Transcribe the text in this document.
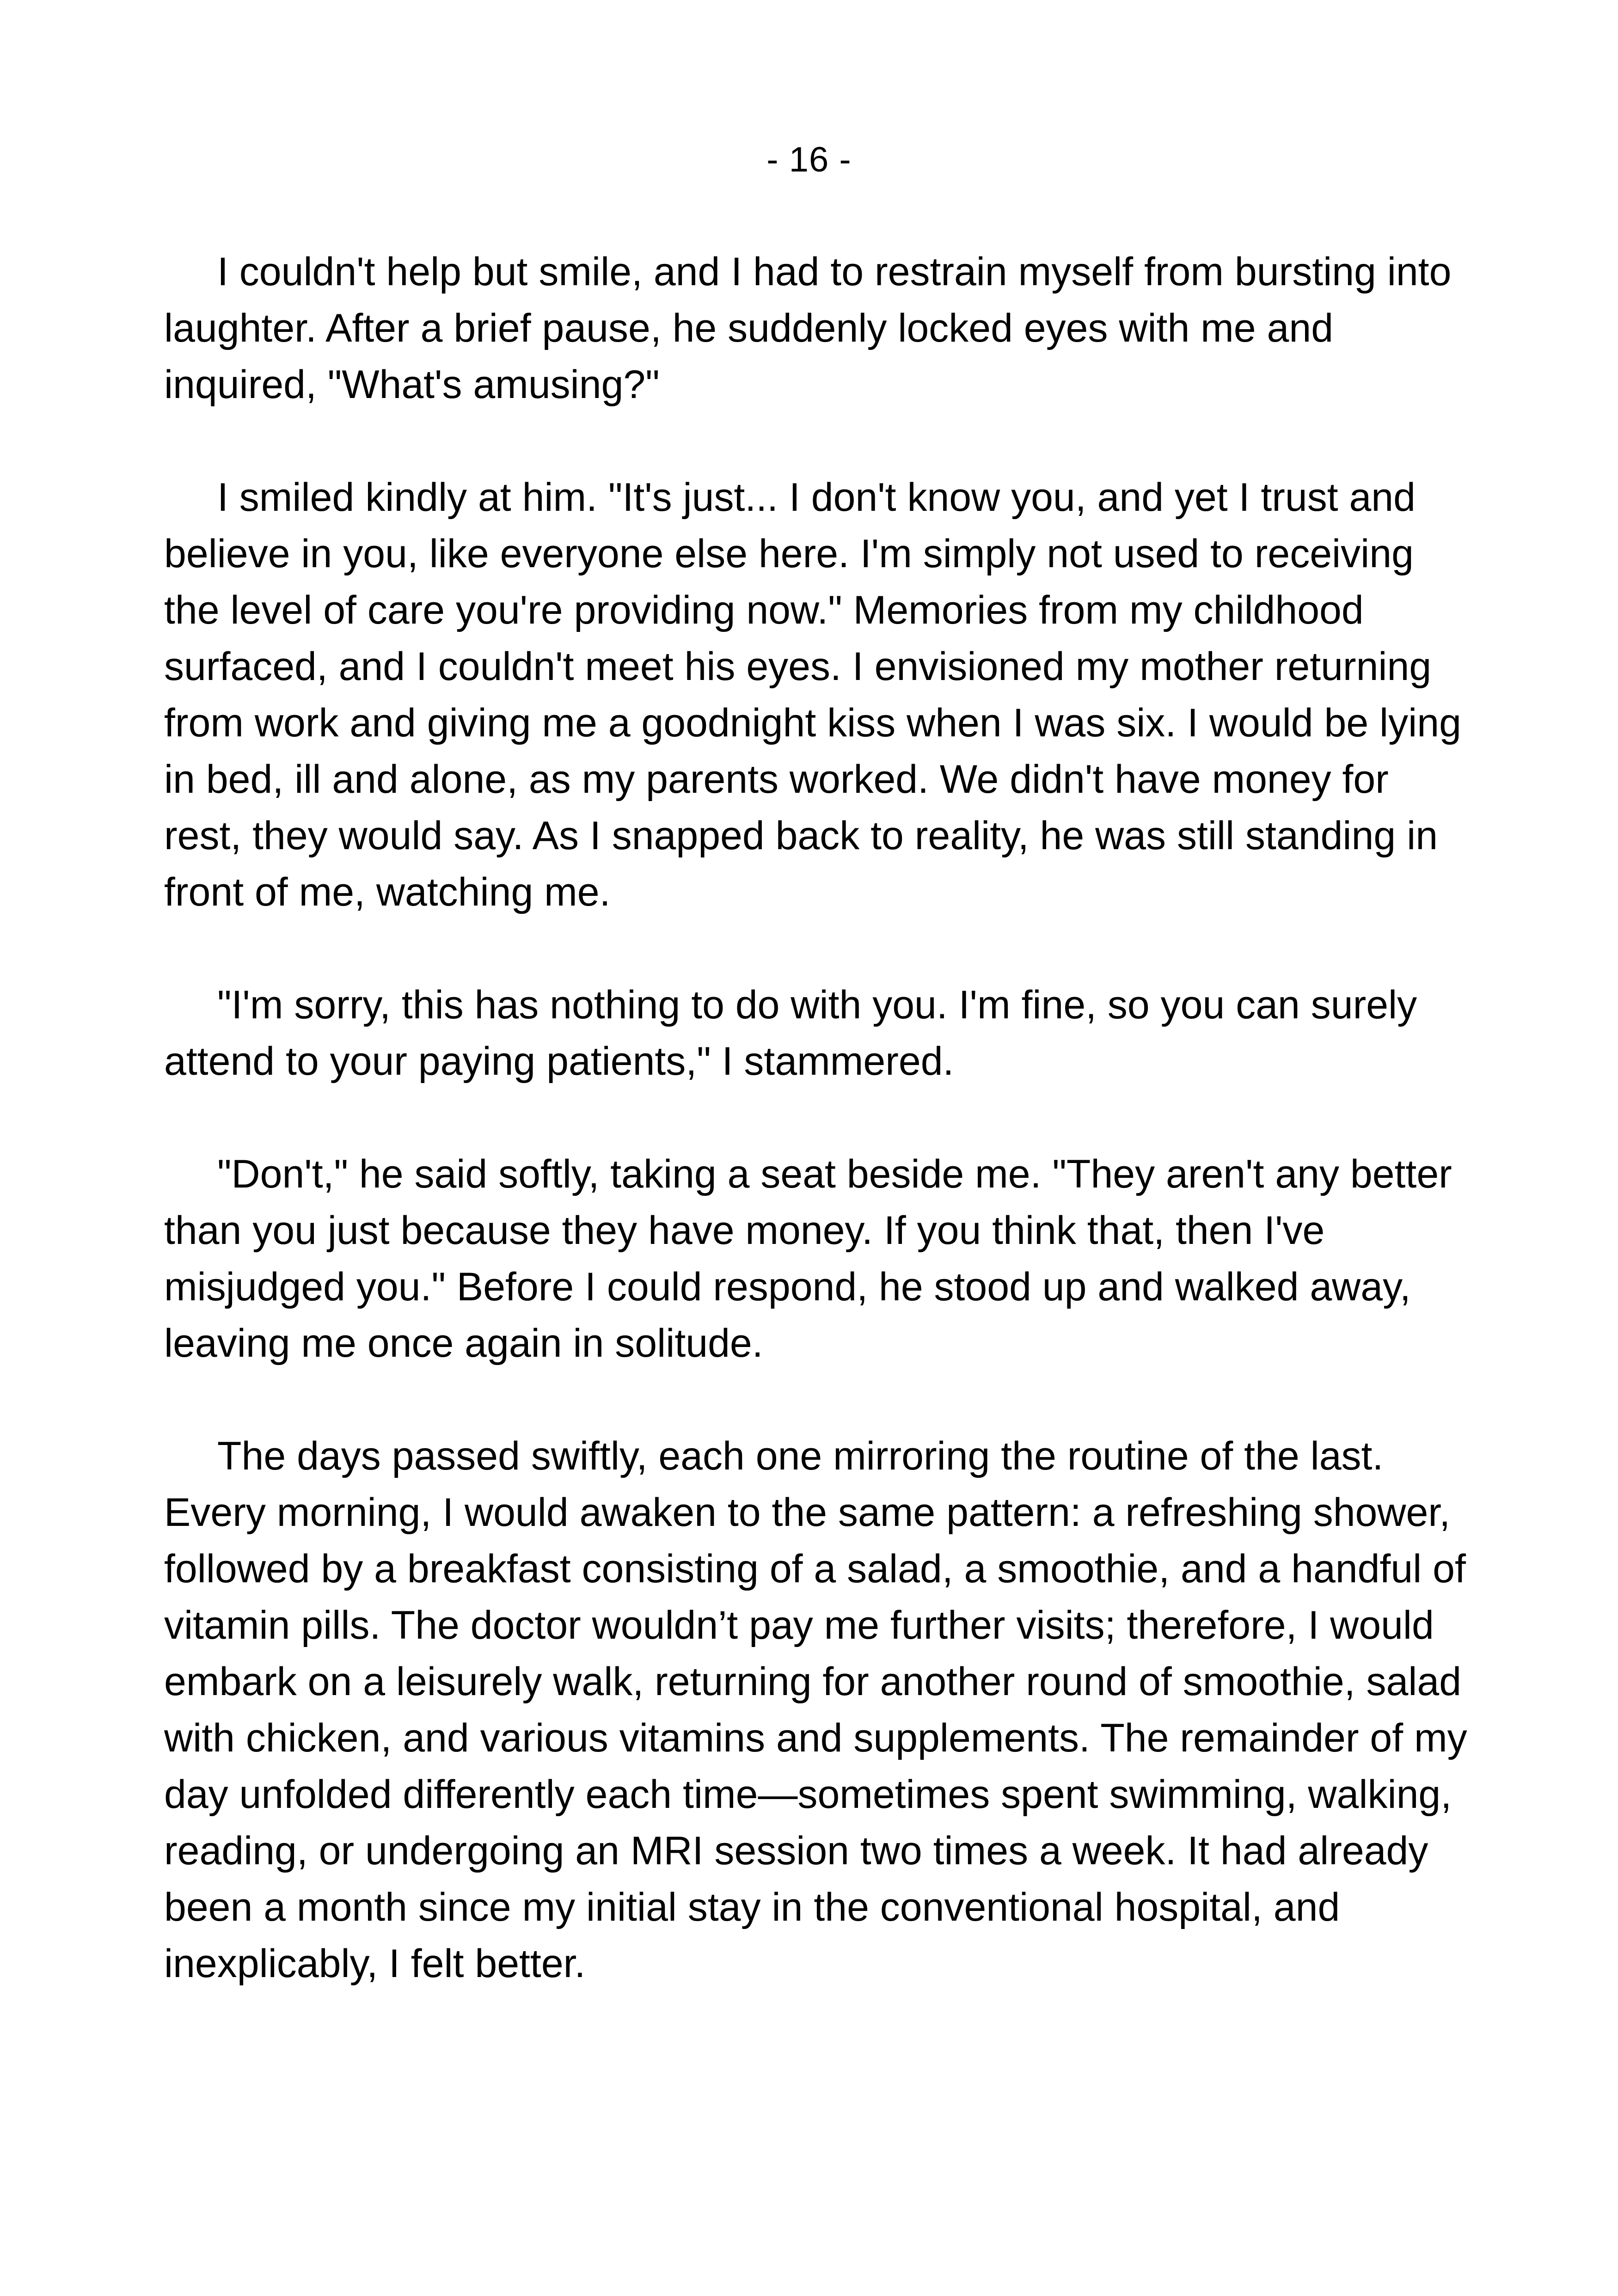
- 16 -

I couldn't help but smile, and I had to restrain myself from bursting into laughter. After a brief pause, he suddenly locked eyes with me and inquired, "What's amusing?"

I smiled kindly at him. "It's just... I don't know you, and yet I trust and believe in you, like everyone else here. I'm simply not used to receiving the level of care you're providing now." Memories from my childhood surfaced, and I couldn't meet his eyes. I envisioned my mother returning from work and giving me a goodnight kiss when I was six. I would be lying in bed, ill and alone, as my parents worked. We didn't have money for rest, they would say. As I snapped back to reality, he was still standing in front of me, watching me.

"I'm sorry, this has nothing to do with you. I'm fine, so you can surely attend to your paying patients," I stammered.

"Don't," he said softly, taking a seat beside me. "They aren't any better than you just because they have money. If you think that, then I've misjudged you." Before I could respond, he stood up and walked away, leaving me once again in solitude.

The days passed swiftly, each one mirroring the routine of the last. Every morning, I would awaken to the same pattern: a refreshing shower, followed by a breakfast consisting of a salad, a smoothie, and a handful of vitamin pills. The doctor wouldn’t pay me further visits; therefore, I would embark on a leisurely walk, returning for another round of smoothie, salad with chicken, and various vitamins and supplements. The remainder of my day unfolded differently each time—sometimes spent swimming, walking, reading, or undergoing an MRI session two times a week. It had already been a month since my initial stay in the conventional hospital, and inexplicably, I felt better.
